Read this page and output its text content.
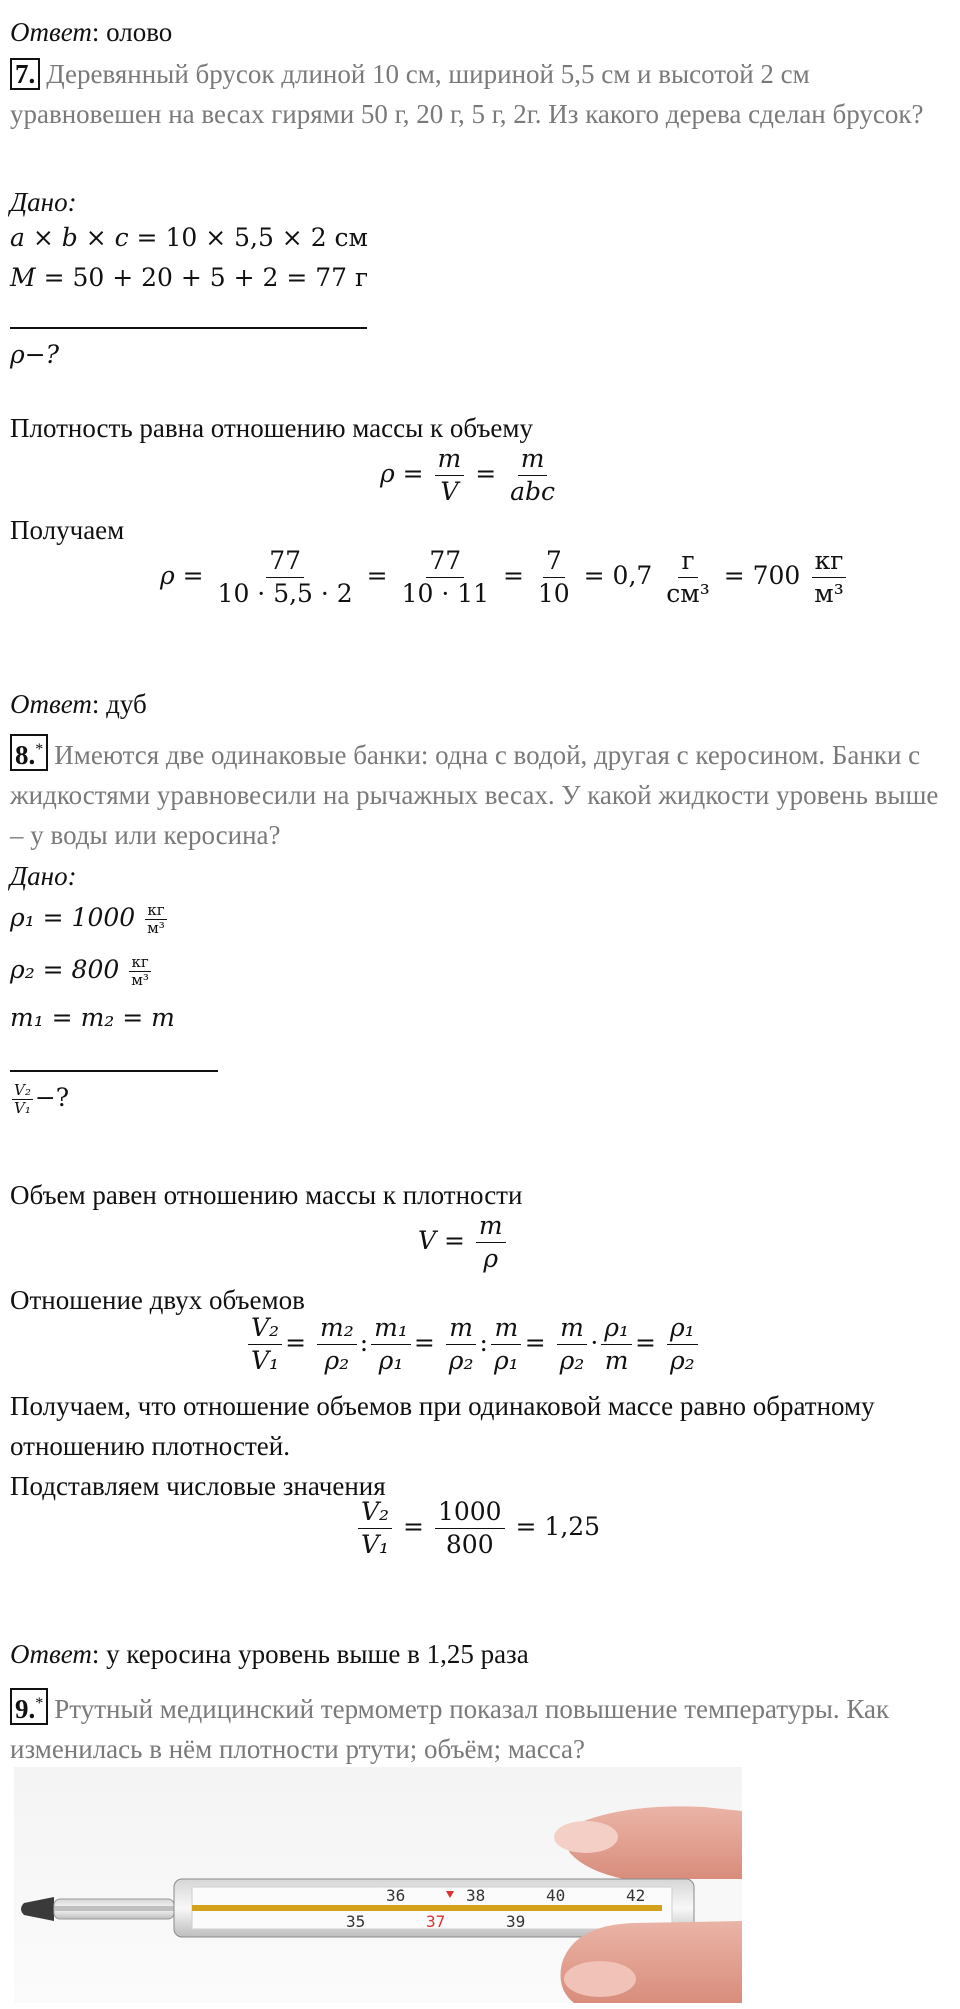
Ответ: олово
7. Деревянный брусок длиной 10 см, шириной 5,5 см и высотой 2 см уравновешен на весах гирями 50 г, 20 г, 5 г, 2г. Из какого дерева сделан брусок?
Дано:
a × b × c = 10 × 5,5 × 2 см
M = 50 + 20 + 5 + 2 = 77 г
ρ−?
Плотность равна отношению массы к объему
$\rho = \frac{m}{V} = \frac{m}{\text{abc}}$
Получаем
$\rho = \frac{77}{10 \cdot 5,5 \cdot 2} = \frac{77}{10 \cdot 11} = \frac{7}{10} = 0,7 \frac{г}{\text{см³}} = 700 \frac{кг}{\text{м³}}$
Ответ: дуб
8.* Имеются две одинаковые банки: одна с водой, другая с керосином. Банки с жидкостями уравновесили на рычажных весах. У какой жидкости уровень выше – у воды или керосина?
Дано:
ρ₁ = 1000 кг
м³
ρ₂ = 800 кг
м³
m₁ = m₂ = m
$\frac{\text{V₂}}{\text{V₁}}$ −?
Объем равен отношению массы к плотности
$V = \frac{m}{\rho}$
Отношение двух объемов
$\frac{\text{V₂}}{\text{V₁}} = \frac{\text{m₂}}{\text{ρ₂}}$ : $\frac{\text{m₁}}{\text{ρ₁}} = \frac{m}{\text{ρ₂}}$ : $\frac{m}{\text{ρ₁}} = \frac{m}{\text{ρ₂}} \cdot \frac{\text{ρ₁}}{m} = \frac{\text{ρ₁}}{\text{ρ₂}}$
Получаем, что отношение объемов при одинаковой массе равно обратному отношению плотностей.
Подставляем числовые значения
$\frac{\text{V₂}}{\text{V₁}} = \frac{1000}{800} = 1,25$
Ответ: у керосина уровень выше в 1,25 раза
9.* Ртутный медицинский термометр показал повышение температуры. Как изменилась в нём плотности ртути; объём; масса?
36	38	40	42
35	37	39
